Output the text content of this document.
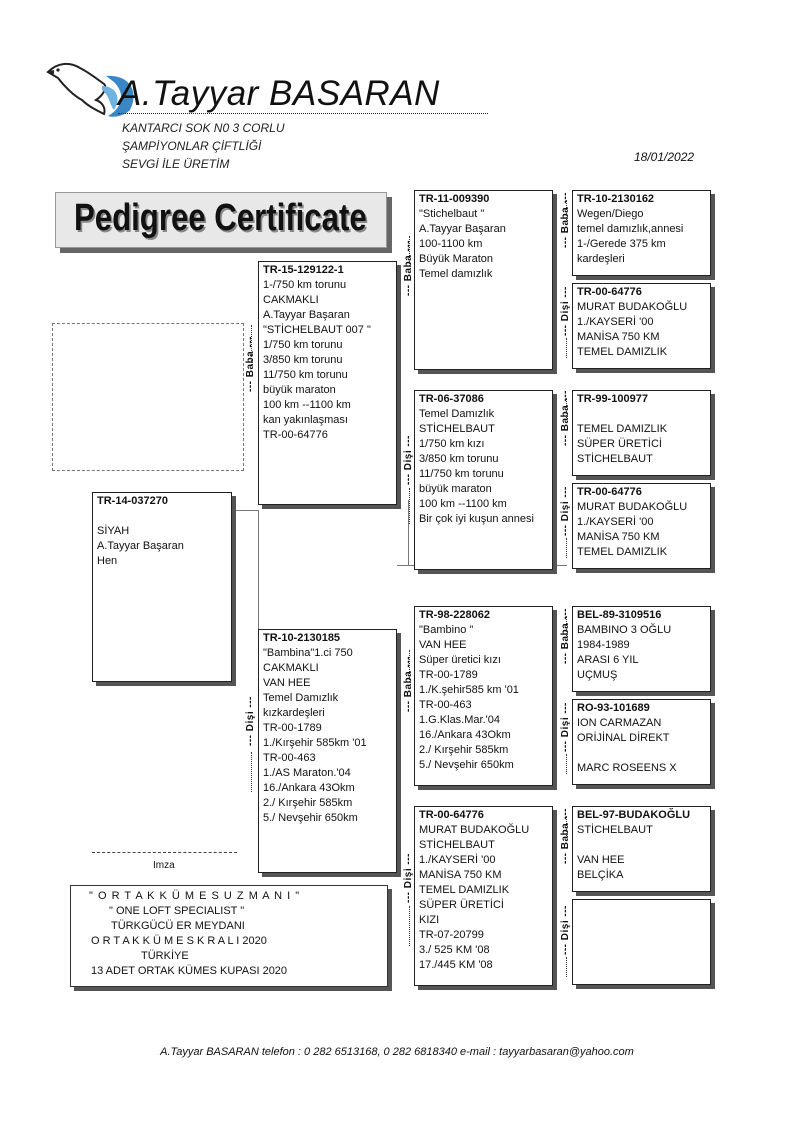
A.Tayyar BASARAN
KANTARCI SOK N0 3 CORLU
ŞAMPİYONLAR ÇİFTLİĞİ
SEVGİ İLE ÜRETİM	18/01/2022
Pedigree Certificate
TR-14-037270

SİYAH
A.Tayyar Başaran
Hen
--- Baba ---
TR-15-129122-1
1-/750 km torunu
CAKMAKLI
A.Tayyar Başaran
"STİCHELBAUT 007 "
1/750 km torunu
3/850 km torunu
11/750 km torunu
büyük maraton
100 km --1100 km
kan yakınlaşması
TR-00-64776
--- Dişi ---
TR-10-2130185
"Bambina"1.ci 750
CAKMAKLI
VAN HEE
Temel Damızlık
kızkardeşleri
TR-00-1789
1./Kırşehir 585km '01
TR-00-463
1./AS Maraton.'04
16./Ankara 43Okm
2./ Kırşehir 585km
5./ Nevşehir 650km
--- Baba ---
TR-11-009390
"Stichelbaut "
A.Tayyar Başaran
100-1100 km
Büyük Maraton
Temel damızlık
--- Dişi ---
TR-06-37086
Temel Damızlık
STİCHELBAUT
1/750 km kızı
3/850 km torunu
11/750 km torunu
büyük maraton
100 km --1100 km
Bir çok iyi kuşun annesi
--- Baba ---
TR-98-228062
"Bambino "
VAN HEE
Süper üretici kızı
TR-00-1789
1./K.şehir585 km '01
TR-00-463
1.G.Klas.Mar.'04
16./Ankara 43Okm
2./ Kırşehir 585km
5./ Nevşehir 650km
--- Dişi ---
TR-00-64776
MURAT BUDAKOĞLU
STİCHELBAUT
1./KAYSERİ '00
MANİSA 750 KM
TEMEL DAMIZLIK
SÜPER ÜRETİCİ
KIZI
TR-07-20799
3./ 525 KM '08
17./445 KM '08
--- Baba --- TR-10-2130162
Wegen/Diego
temel damızlık,annesi
1-/Gerede 375 km
kardeşleri
--- Dişi --- TR-00-64776
MURAT BUDAKOĞLU
1./KAYSERİ '00
MANİSA 750 KM
TEMEL DAMIZLIK
--- Baba --- TR-99-100977

TEMEL DAMIZLIK
SÜPER ÜRETİCİ
STİCHELBAUT
--- Dişi --- TR-00-64776
MURAT BUDAKOĞLU
1./KAYSERİ '00
MANİSA 750 KM
TEMEL DAMIZLIK
--- Baba --- BEL-89-3109516
BAMBINO 3 OĞLU
1984-1989
ARASI 6 YIL
UÇMUŞ
--- Dişi --- RO-93-101689
ION CARMAZAN
ORİJİNAL DİREKT

MARC ROSEENS X
--- Baba --- BEL-97-BUDAKOĞLU
STİCHELBAUT

VAN HEE
BELÇİKA
--- Dişi ---
Imza
" O R T A K K Ü M E S U Z M A N I "
" ONE LOFT SPECIALIST "
TÜRKGÜCÜ ER MEYDANI
O R T A K K Ü M E S K R A L I 2020
TÜRKİYE
13 ADET ORTAK KÜMES KUPASI 2020
A.Tayyar BASARAN telefon : 0 282 6513168, 0 282 6818340 e-mail : tayyarbasaran@yahoo.com
